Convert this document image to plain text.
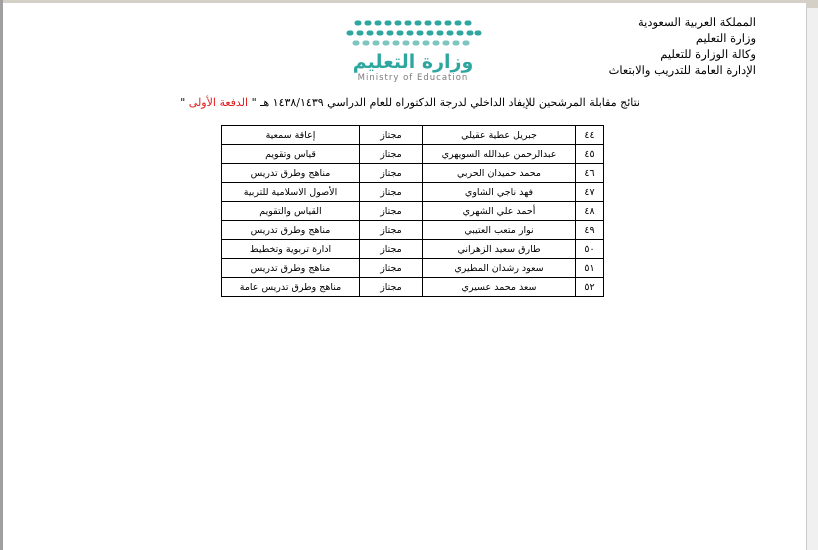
المملكة العربية السعودية
وزارة التعليم
وكالة الوزارة للتعليم
الإدارة العامة للتدريب والابتعاث
وزارة التعليم
Ministry of Education
نتائج مقابلة المرشحين للإيفاد الداخلي لدرجة الدكتوراه للعام الدراسي ١٤٣٨/١٤٣٩ هـ " الدفعة الأولى "
٤٤	جبريل عطية عقيلي	مجتاز	إعاقة سمعية
٤٥	عبدالرحمن عبدالله السويهري	مجتاز	قياس وتقويم
٤٦	محمد حميدان الحربي	مجتاز	مناهج وطرق تدريس
٤٧	فهد ناجي الشاوي	مجتاز	الأصول الاسلامية للتربية
٤٨	أحمد علي الشهري	مجتاز	القياس والتقويم
٤٩	نوار متعب العتيبي	مجتاز	مناهج وطرق تدريس
٥٠	طارق سعيد الزهراني	مجتاز	ادارة تربوية وتخطيط
٥١	سعود رشدان المطيري	مجتاز	مناهج وطرق تدريس
٥٢	سعد محمد عسيري	مجتاز	مناهج وطرق تدريس عامة
